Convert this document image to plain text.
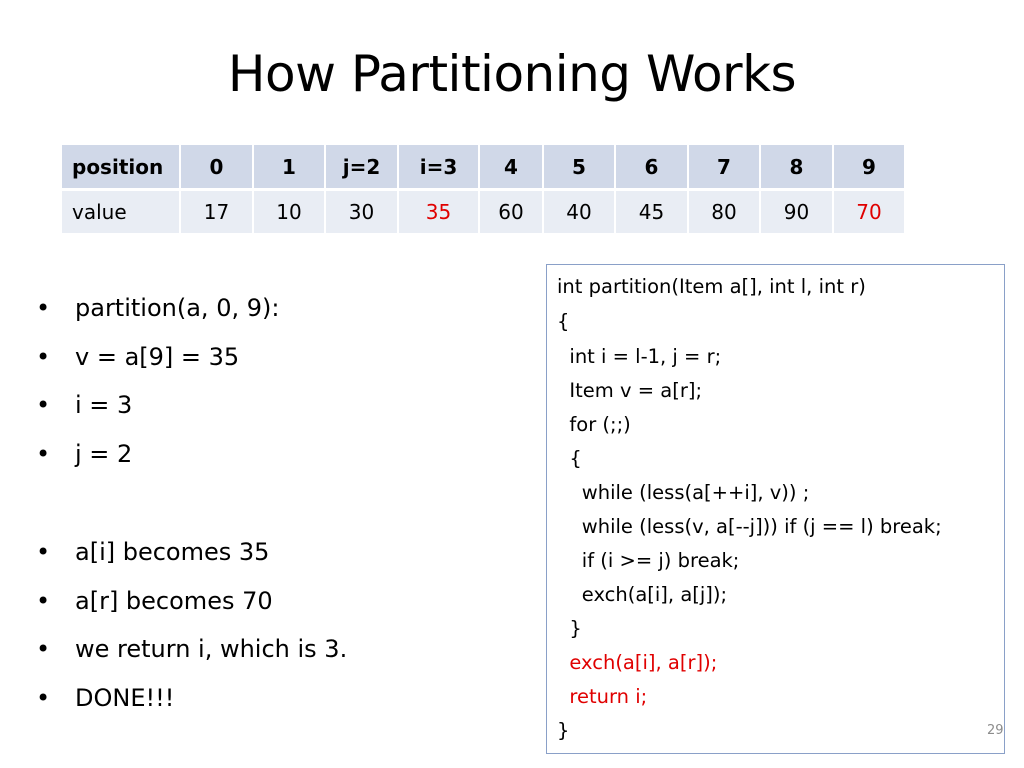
How Partitioning Works
position	0	1	j=2	i=3	4	5	6	7	8	9
value	17	10	30	35	60	40	45	80	90	70
• partition(a, 0, 9):
• v = a[9] = 35
• i = 3
• j = 2
• a[i] becomes 35
• a[r] becomes 70
• we return i, which is 3.
• DONE!!!
int partition(Item a[], int l, int r)
{
int i = l-1, j = r;
Item v = a[r];
for (;;)
{
while (less(a[++i], v)) ;
while (less(v, a[--j])) if (j == l) break;
if (i >= j) break;
exch(a[i], a[j]);
}
exch(a[i], a[r]);
return i;
}	29
